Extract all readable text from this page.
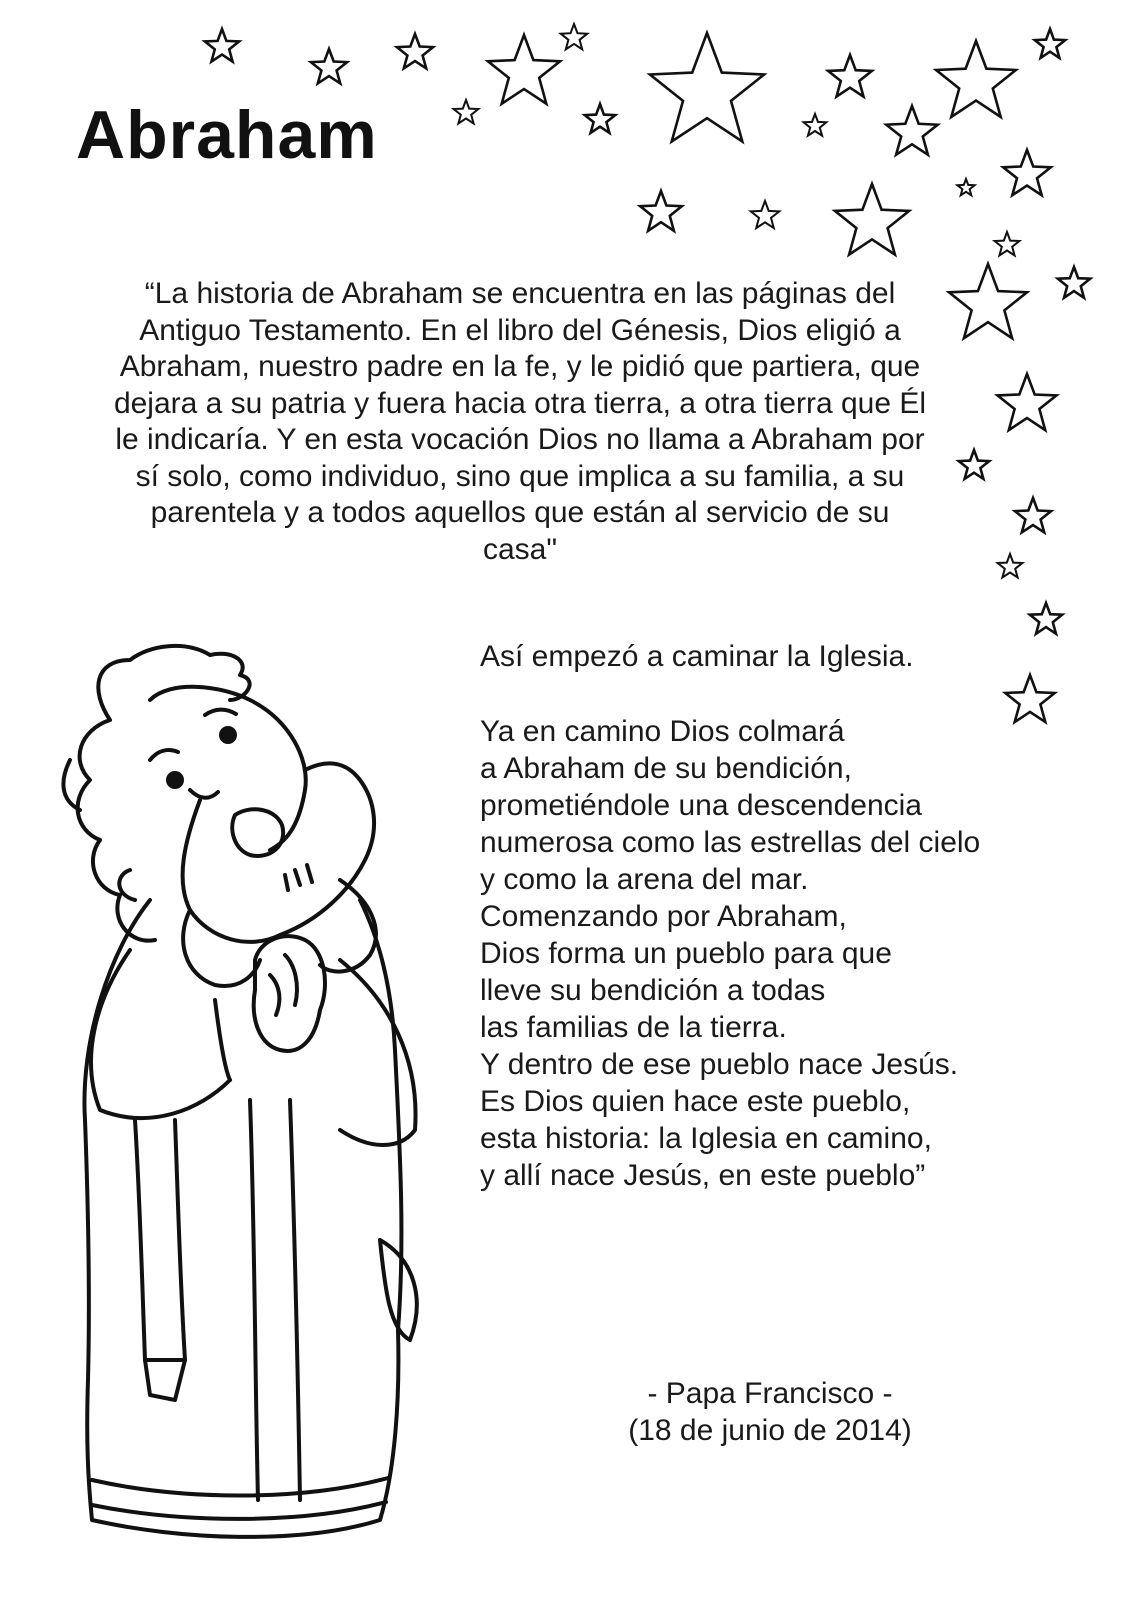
Abraham
“La historia de Abraham se encuentra en las páginas del
Antiguo Testamento. En el libro del Génesis, Dios eligió a
Abraham, nuestro padre en la fe, y le pidió que partiera, que
dejara a su patria y fuera hacia otra tierra, a otra tierra que Él
le indicaría. Y en esta vocación Dios no llama a Abraham por
sí solo, como individuo, sino que implica a su familia, a su
parentela y a todos aquellos que están al servicio de su
casa"
Así empezó a caminar la Iglesia.
Ya en camino Dios colmará
a Abraham de su bendición,
prometiéndole una descendencia
numerosa como las estrellas del cielo
y como la arena del mar.
Comenzando por Abraham,
Dios forma un pueblo para que
lleve su bendición a todas
las familias de la tierra.
Y dentro de ese pueblo nace Jesús.
Es Dios quien hace este pueblo,
esta historia: la Iglesia en camino,
y allí nace Jesús, en este pueblo”
- Papa Francisco -
(18 de junio de 2014)
